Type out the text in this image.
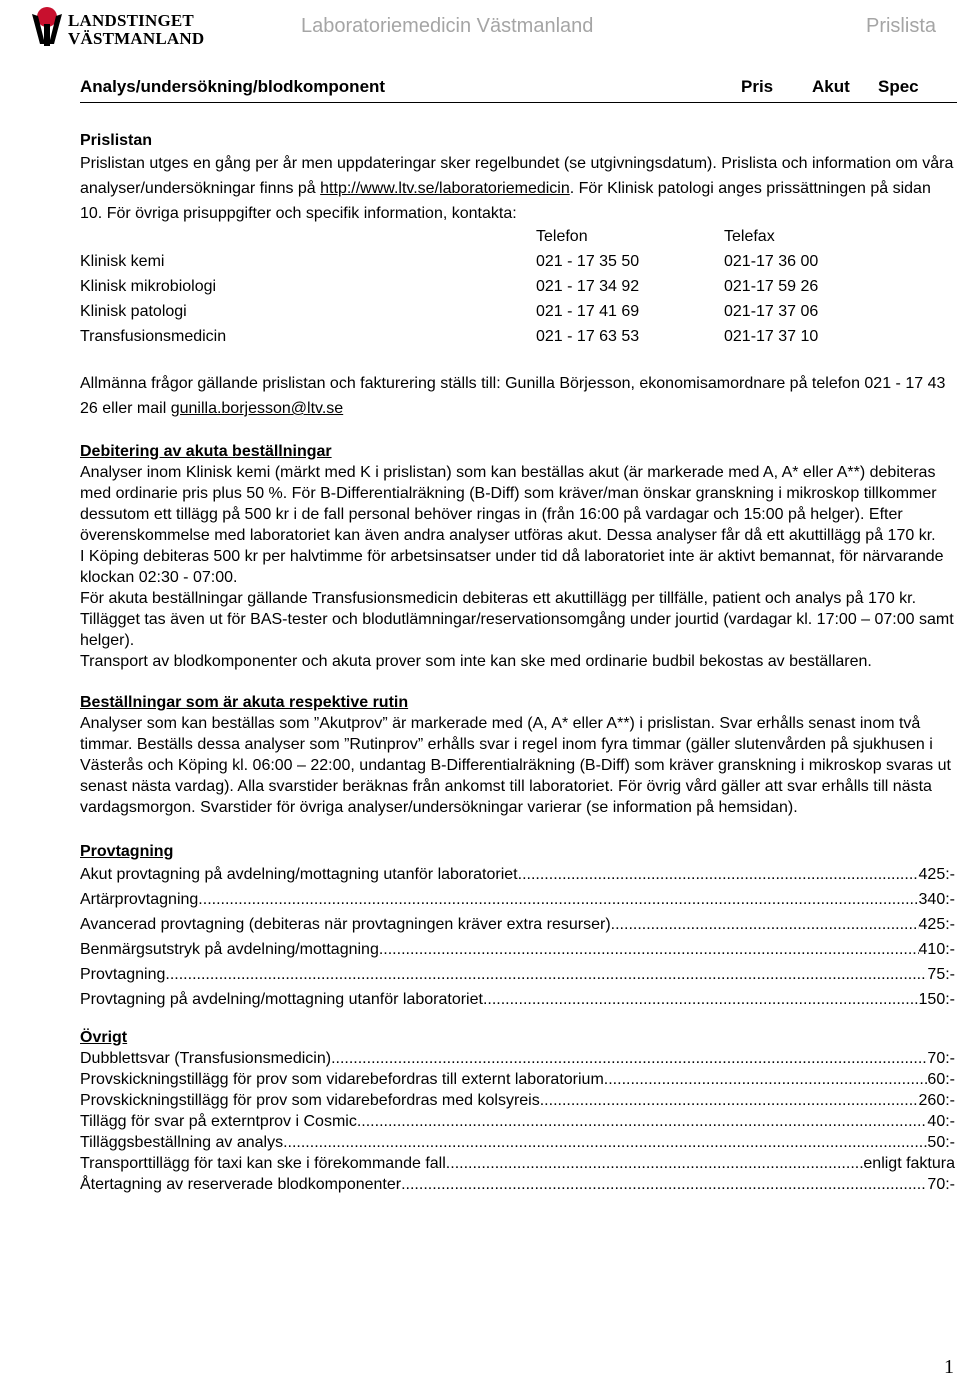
LANDSTINGET
VÄSTMANLAND
Laboratoriemedicin Västmanland	Prislista
Analys/undersökning/blodkomponent	Pris Akut Spec

Prislistan

Prislistan utges en gång per år men uppdateringar sker regelbundet (se utgivningsdatum). Prislista och information om våra analyser/undersökningar finns på http://www.ltv.se/laboratoriemedicin. För Klinisk patologi anges prissättningen på sidan 10. För övriga prisuppgifter och specifik information, kontakta:

	Telefon	Telefax
Klinisk kemi	021 - 17 35 50	021-17 36 00
Klinisk mikrobiologi	021 - 17 34 92	021-17 59 26
Klinisk patologi	021 - 17 41 69	021-17 37 06
Transfusionsmedicin	021 - 17 63 53	021-17 37 10

Allmänna frågor gällande prislistan och fakturering ställs till: Gunilla Börjesson, ekonomisamordnare på telefon 021 - 17 43 26 eller mail gunilla.borjesson@ltv.se

Debitering av akuta beställningar

Analyser inom Klinisk kemi (märkt med K i prislistan) som kan beställas akut (är markerade med A, A* eller A**) debiteras med ordinarie pris plus 50 %. För B-Differentialräkning (B-Diff) som kräver/man önskar granskning i mikroskop tillkommer dessutom ett tillägg på 500 kr i de fall personal behöver ringas in (från 16:00 på vardagar och 15:00 på helger). Efter överenskommelse med laboratoriet kan även andra analyser utföras akut. Dessa analyser får då ett akuttillägg på 170 kr.

I Köping debiteras 500 kr per halvtimme för arbetsinsatser under tid då laboratoriet inte är aktivt bemannat, för närvarande klockan 02:30 - 07:00.

För akuta beställningar gällande Transfusionsmedicin debiteras ett akuttillägg per tillfälle, patient och analys på 170 kr. Tillägget tas även ut för BAS-tester och blodutlämningar/reservationsomgång under jourtid (vardagar kl. 17:00 – 07:00 samt helger).

Transport av blodkomponenter och akuta prover som inte kan ske med ordinarie budbil bekostas av beställaren.

Beställningar som är akuta respektive rutin

Analyser som kan beställas som ”Akutprov” är markerade med (A, A* eller A**) i prislistan. Svar erhålls senast inom två timmar. Beställs dessa analyser som ”Rutinprov” erhålls svar i regel inom fyra timmar (gäller slutenvården på sjukhusen i Västerås och Köping kl. 06:00 – 22:00, undantag B-Differentialräkning (B-Diff) som kräver granskning i mikroskop svaras ut senast nästa vardag). Alla svarstider beräknas från ankomst till laboratoriet. För övrig vård gäller att svar erhålls till nästa vardagsmorgon. Svarstider för övriga analyser/undersökningar varierar (se information på hemsidan).

Provtagning

Akut provtagning på avdelning/mottagning utanför laboratoriet .....	425:-
Artärprovtagning .....	340:-
Avancerad provtagning (debiteras när provtagningen kräver extra resurser) .....	425:-
Benmärgsutstryk på avdelning/mottagning .....	410:-
Provtagning .....	75:-
Provtagning på avdelning/mottagning utanför laboratoriet .....	150:-

Övrigt

Dubblettsvar (Transfusionsmedicin) .....	70:-
Provskickningstillägg för prov som vidarebefordras till externt laboratorium .....	60:-
Provskickningstillägg för prov som vidarebefordras med kolsyreis .....	260:-
Tillägg för svar på externtprov i Cosmic .....	40:-
Tilläggsbeställning av analys .....	50:-
Transporttillägg för taxi kan ske i förekommande fall .....	enligt faktura
Återtagning av reserverade blodkomponenter .....	70:-
1
